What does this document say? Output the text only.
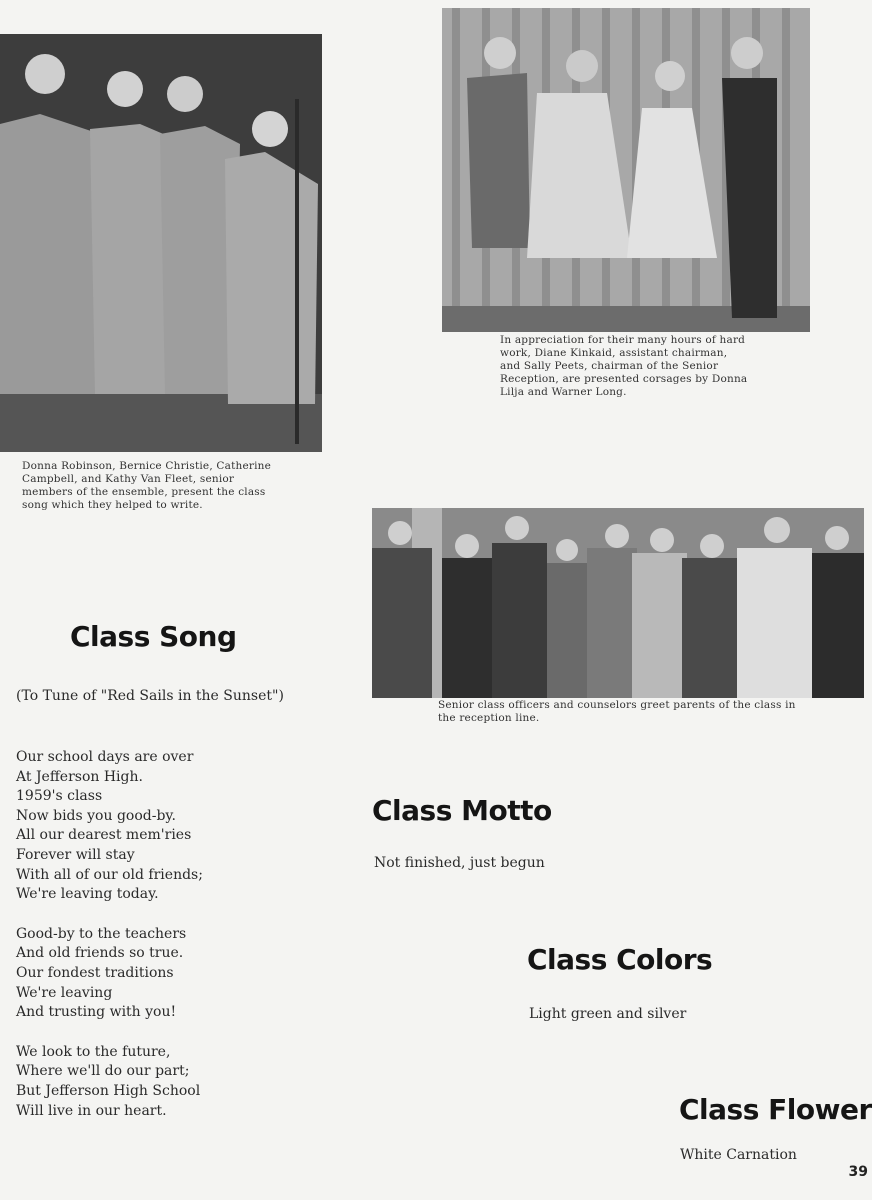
Donna Robinson, Bernice Christie, Catherine
Campbell, and Kathy Van Fleet, senior
members of the ensemble, present the class
song which they helped to write.
In appreciation for their many hours of hard
work, Diane Kinkaid, assistant chairman,
and Sally Peets, chairman of the Senior
Reception, are presented corsages by Donna
Lilja and Warner Long.
Senior class officers and counselors greet parents of the class in
the reception line.
Class Song
(To Tune of "Red Sails in the Sunset")
Our school days are over
At Jefferson High.
1959's class
Now bids you good-by.
All our dearest mem'ries
Forever will stay
With all of our old friends;
We're leaving today.
Good-by to the teachers
And old friends so true.
Our fondest traditions
We're leaving
And trusting with you!
We look to the future,
Where we'll do our part;
But Jefferson High School
Will live in our heart.
Class Motto
Not finished, just begun
Class Colors
Light green and silver
Class Flower
White Carnation
39
